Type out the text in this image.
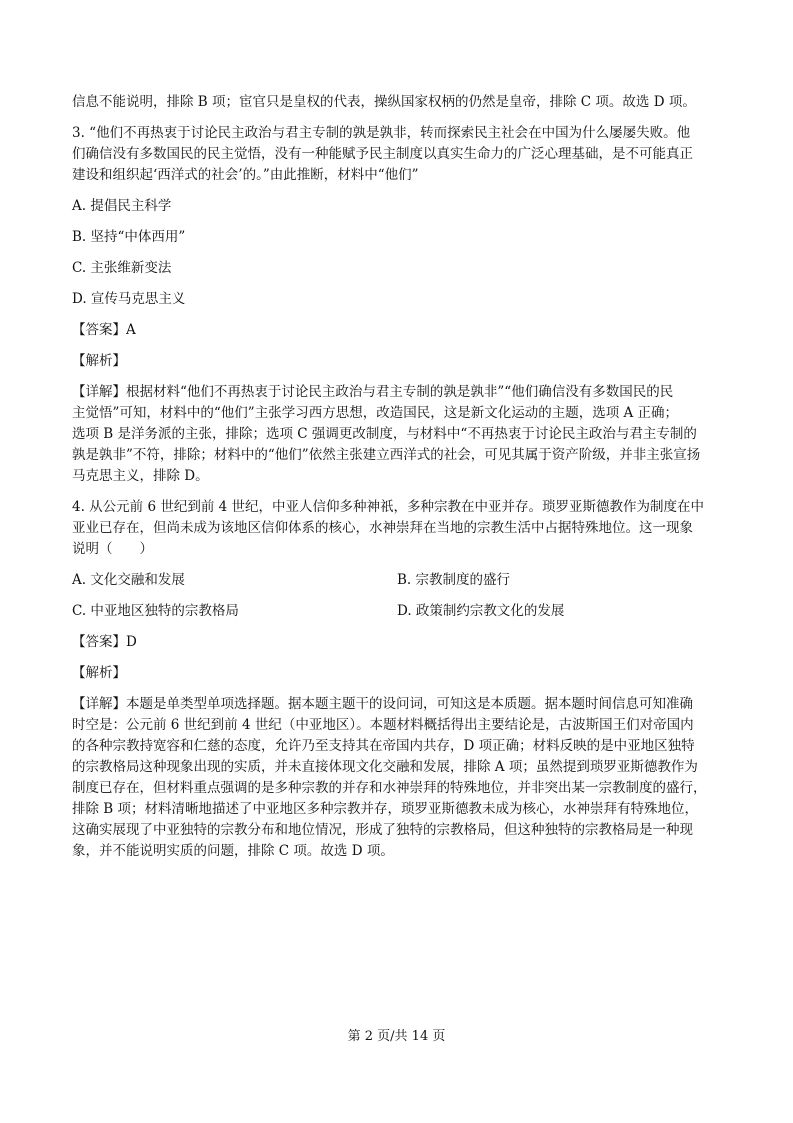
信息不能说明，排除 B 项；宦官只是皇权的代表，操纵国家权柄的仍然是皇帝，排除 C 项。故选 D 项。

3. “他们不再热衷于讨论民主政治与君主专制的孰是孰非，转而探索民主社会在中国为什么屡屡失败。他

们确信没有多数国民的民主觉悟，没有一种能赋予民主制度以真实生命力的广泛心理基础，是不可能真正

建设和组织起‘西洋式的社会’的。”由此推断，材料中“他们”

A. 提倡民主科学
B. 坚持“中体西用”
C. 主张维新变法
D. 宣传马克思主义
【答案】A
【解析】

【详解】根据材料“他们不再热衷于讨论民主政治与君主专制的孰是孰非”“他们确信没有多数国民的民

主觉悟”可知，材料中的“他们”主张学习西方思想，改造国民，这是新文化运动的主题，选项 A 正确；

选项 B 是洋务派的主张，排除；选项 C 强调更改制度，与材料中“不再热衷于讨论民主政治与君主专制的

孰是孰非”不符，排除；材料中的“他们”依然主张建立西洋式的社会，可见其属于资产阶级，并非主张宣扬

马克思主义，排除 D。

4. 从公元前 6 世纪到前 4 世纪，中亚人信仰多种神祇，多种宗教在中亚并存。琐罗亚斯德教作为制度在中

亚业已存在，但尚未成为该地区信仰体系的核心，水神崇拜在当地的宗教生活中占据特殊地位。这一现象

说明（　　）

A. 文化交融和发展	B. 宗教制度的盛行
C. 中亚地区独特的宗教格局	D. 政策制约宗教文化的发展
【答案】D
【解析】

【详解】本题是单类型单项选择题。据本题主题干的设问词，可知这是本质题。据本题时间信息可知准确

时空是：公元前 6 世纪到前 4 世纪（中亚地区）。本题材料概括得出主要结论是，古波斯国王们对帝国内

的各种宗教持宽容和仁慈的态度，允许乃至支持其在帝国内共存，D 项正确；材料反映的是中亚地区独特

的宗教格局这种现象出现的实质，并未直接体现文化交融和发展，排除 A 项；虽然提到琐罗亚斯德教作为

制度已存在，但材料重点强调的是多种宗教的并存和水神崇拜的特殊地位，并非突出某一宗教制度的盛行，

排除 B 项；材料清晰地描述了中亚地区多种宗教并存，琐罗亚斯德教未成为核心，水神崇拜有特殊地位，

这确实展现了中亚独特的宗教分布和地位情况，形成了独特的宗教格局，但这种独特的宗教格局是一种现

象，并不能说明实质的问题，排除 C 项。故选 D 项。

第 2 页/共 14 页
